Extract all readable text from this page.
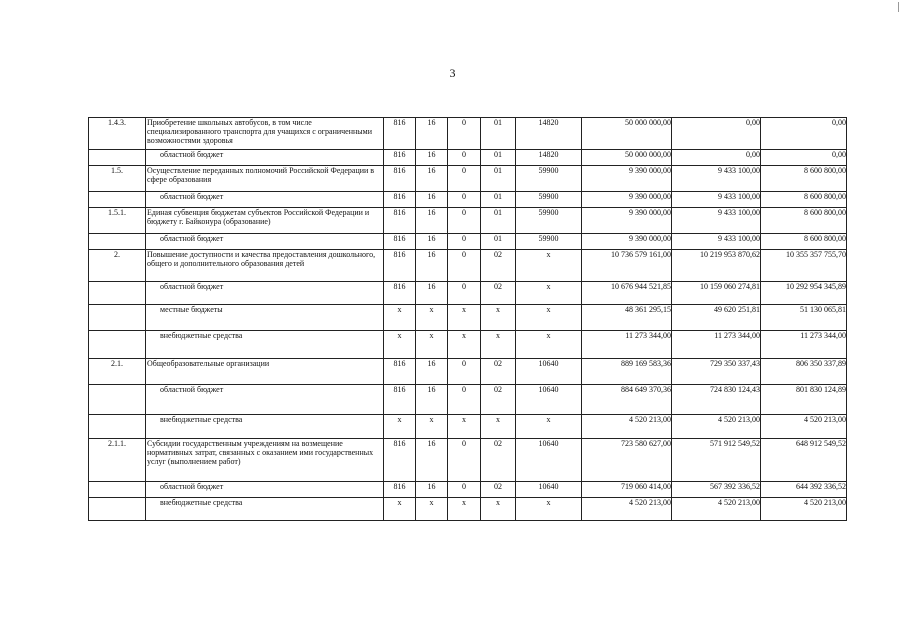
3
1.4.3.	Приобретение школьных автобусов, в том числе специализированного транспорта для учащихся с ограниченными возможностями здоровья	816	16	0	01	14820	50 000 000,00	0,00	0,00
	областной бюджет	816	16	0	01	14820	50 000 000,00	0,00	0,00
1.5.	Осуществление переданных полномочий Российской Федерации в сфере образования	816	16	0	01	59900	9 390 000,00	9 433 100,00	8 600 800,00
	областной бюджет	816	16	0	01	59900	9 390 000,00	9 433 100,00	8 600 800,00
1.5.1.	Единая субвенция бюджетам субъектов Российской Федерации и бюджету г. Байконура (образование)	816	16	0	01	59900	9 390 000,00	9 433 100,00	8 600 800,00
	областной бюджет	816	16	0	01	59900	9 390 000,00	9 433 100,00	8 600 800,00
2.	Повышение доступности и качества предоставления дошкольного, общего и дополнительного образования детей	816	16	0	02	x	10 736 579 161,00	10 219 953 870,62	10 355 357 755,70
	областной бюджет	816	16	0	02	x	10 676 944 521,85	10 159 060 274,81	10 292 954 345,89
	местные бюджеты	x	x	x	x	x	48 361 295,15	49 620 251,81	51 130 065,81
	внебюджетные средства	x	x	x	x	x	11 273 344,00	11 273 344,00	11 273 344,00
2.1.	Общеобразовательные организации	816	16	0	02	10640	889 169 583,36	729 350 337,43	806 350 337,89
	областной бюджет	816	16	0	02	10640	884 649 370,36	724 830 124,43	801 830 124,89
	внебюджетные средства	x	x	x	x	x	4 520 213,00	4 520 213,00	4 520 213,00
2.1.1.	Субсидии государственным учреждениям на возмещение нормативных затрат, связанных с оказанием ими государственных услуг (выполнением работ)	816	16	0	02	10640	723 580 627,00	571 912 549,52	648 912 549,52
	областной бюджет	816	16	0	02	10640	719 060 414,00	567 392 336,52	644 392 336,52
	внебюджетные средства	x	x	x	x	x	4 520 213,00	4 520 213,00	4 520 213,00
